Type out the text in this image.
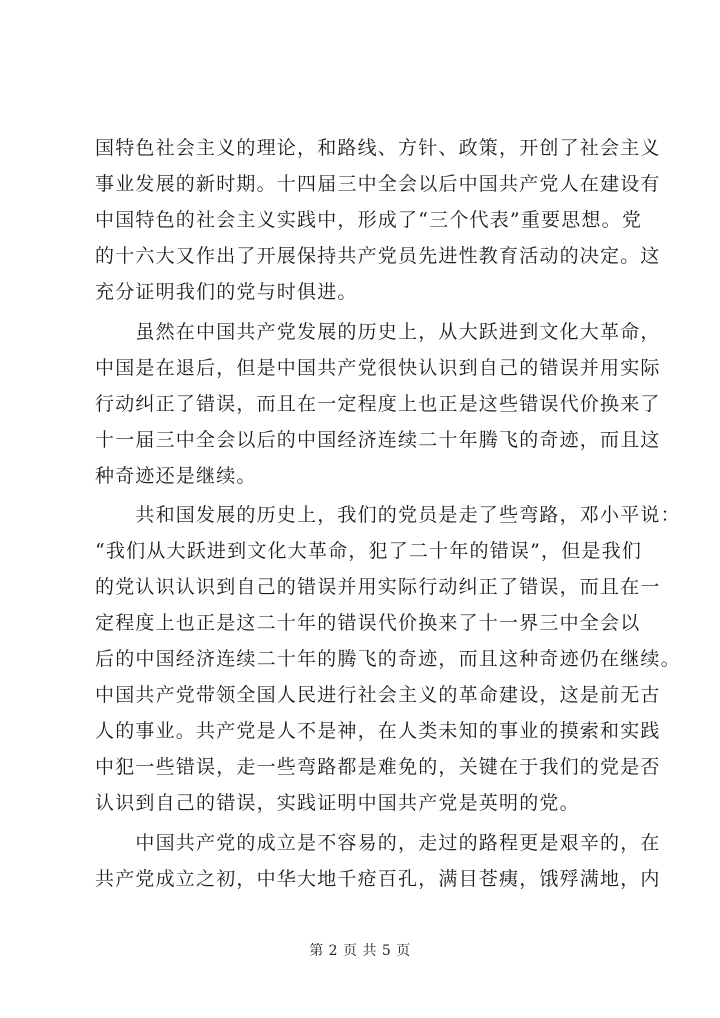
国特色社会主义的理论，和路线、方针、政策，开创了社会主义
事业发展的新时期。十四届三中全会以后中国共产党人在建设有
中国特色的社会主义实践中，形成了“三个代表”重要思想。党
的十六大又作出了开展保持共产党员先进性教育活动的决定。这
充分证明我们的党与时俱进。
　　虽然在中国共产党发展的历史上，从大跃进到文化大革命，
中国是在退后，但是中国共产党很快认识到自己的错误并用实际
行动纠正了错误，而且在一定程度上也正是这些错误代价换来了
十一届三中全会以后的中国经济连续二十年腾飞的奇迹，而且这
种奇迹还是继续。
　　共和国发展的历史上，我们的党员是走了些弯路，邓小平说：
“我们从大跃进到文化大革命，犯了二十年的错误”，但是我们
的党认识认识到自己的错误并用实际行动纠正了错误，而且在一
定程度上也正是这二十年的错误代价换来了十一界三中全会以
后的中国经济连续二十年的腾飞的奇迹，而且这种奇迹仍在继续。
中国共产党带领全国人民进行社会主义的革命建设，这是前无古
人的事业。共产党是人不是神，在人类未知的事业的摸索和实践
中犯一些错误，走一些弯路都是难免的，关键在于我们的党是否
认识到自己的错误，实践证明中国共产党是英明的党。
　　中国共产党的成立是不容易的，走过的路程更是艰辛的，在
共产党成立之初，中华大地千疮百孔，满目苍痍，饿殍满地，内
第 2 页 共 5 页
